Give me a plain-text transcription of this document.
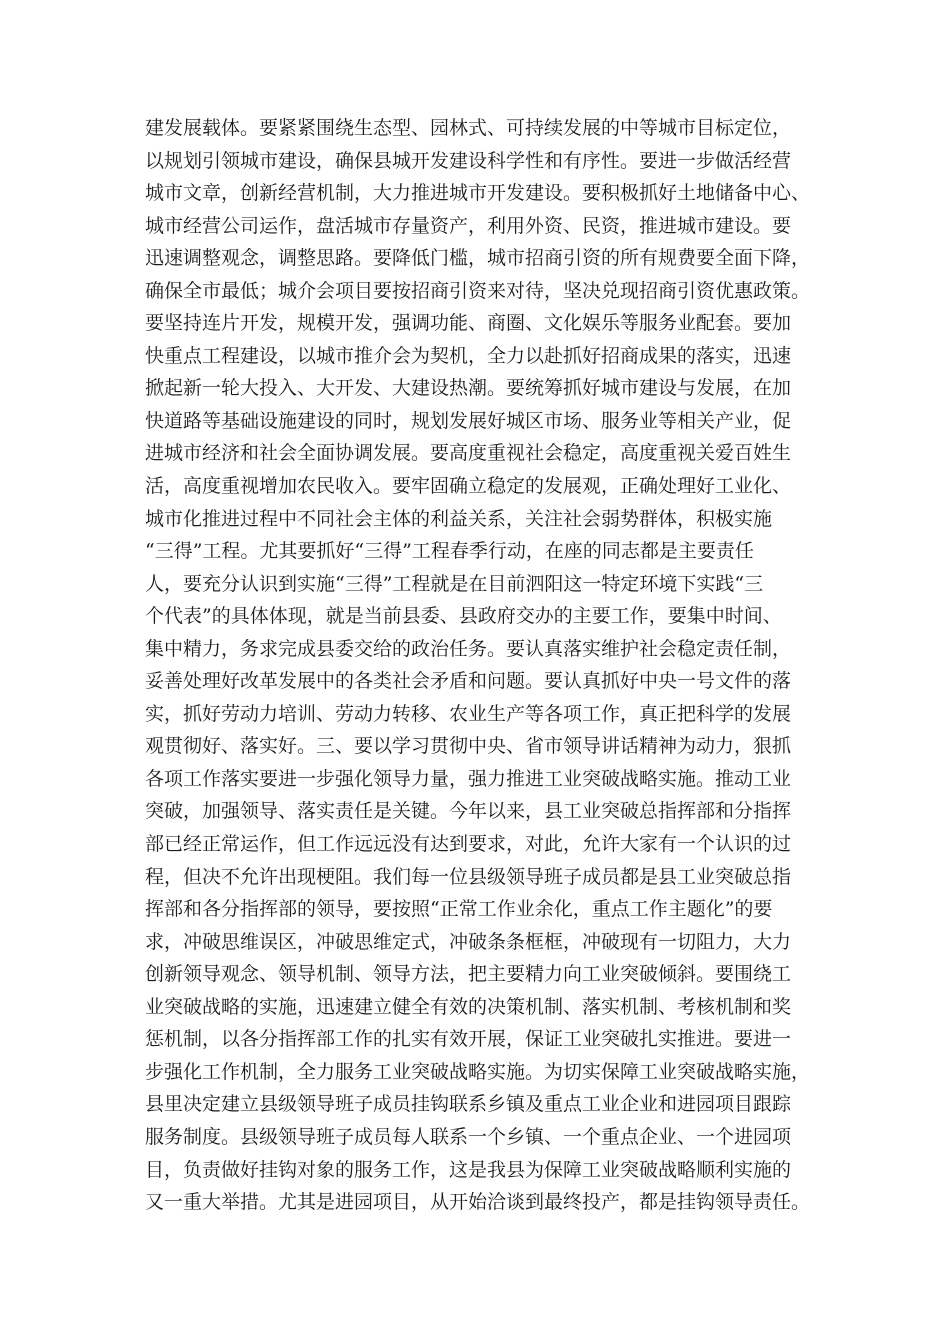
建发展载体。要紧紧围绕生态型、园林式、可持续发展的中等城市目标定位，
以规划引领城市建设，确保县城开发建设科学性和有序性。要进一步做活经营
城市文章，创新经营机制，大力推进城市开发建设。要积极抓好土地储备中心、
城市经营公司运作，盘活城市存量资产，利用外资、民资，推进城市建设。要
迅速调整观念，调整思路。要降低门槛，城市招商引资的所有规费要全面下降，
确保全市最低；城介会项目要按招商引资来对待，坚决兑现招商引资优惠政策。
要坚持连片开发，规模开发，强调功能、商圈、文化娱乐等服务业配套。要加
快重点工程建设，以城市推介会为契机，全力以赴抓好招商成果的落实，迅速
掀起新一轮大投入、大开发、大建设热潮。要统筹抓好城市建设与发展，在加
快道路等基础设施建设的同时，规划发展好城区市场、服务业等相关产业，促
进城市经济和社会全面协调发展。要高度重视社会稳定，高度重视关爱百姓生
活，高度重视增加农民收入。要牢固确立稳定的发展观，正确处理好工业化、
城市化推进过程中不同社会主体的利益关系，关注社会弱势群体，积极实施
“三得”工程。尤其要抓好“三得”工程春季行动，在座的同志都是主要责任
人，要充分认识到实施“三得”工程就是在目前泗阳这一特定环境下实践“三
个代表”的具体体现，就是当前县委、县政府交办的主要工作，要集中时间、
集中精力，务求完成县委交给的政治任务。要认真落实维护社会稳定责任制，
妥善处理好改革发展中的各类社会矛盾和问题。要认真抓好中央一号文件的落
实，抓好劳动力培训、劳动力转移、农业生产等各项工作，真正把科学的发展
观贯彻好、落实好。三、要以学习贯彻中央、省市领导讲话精神为动力，狠抓
各项工作落实要进一步强化领导力量，强力推进工业突破战略实施。推动工业
突破，加强领导、落实责任是关键。今年以来，县工业突破总指挥部和分指挥
部已经正常运作，但工作远远没有达到要求，对此，允许大家有一个认识的过
程，但决不允许出现梗阻。我们每一位县级领导班子成员都是县工业突破总指
挥部和各分指挥部的领导，要按照“正常工作业余化，重点工作主题化”的要
求，冲破思维误区，冲破思维定式，冲破条条框框，冲破现有一切阻力，大力
创新领导观念、领导机制、领导方法，把主要精力向工业突破倾斜。要围绕工
业突破战略的实施，迅速建立健全有效的决策机制、落实机制、考核机制和奖
惩机制，以各分指挥部工作的扎实有效开展，保证工业突破扎实推进。要进一
步强化工作机制，全力服务工业突破战略实施。为切实保障工业突破战略实施，
县里决定建立县级领导班子成员挂钩联系乡镇及重点工业企业和进园项目跟踪
服务制度。县级领导班子成员每人联系一个乡镇、一个重点企业、一个进园项
目，负责做好挂钩对象的服务工作，这是我县为保障工业突破战略顺利实施的
又一重大举措。尤其是进园项目，从开始洽谈到最终投产，都是挂钩领导责任。
